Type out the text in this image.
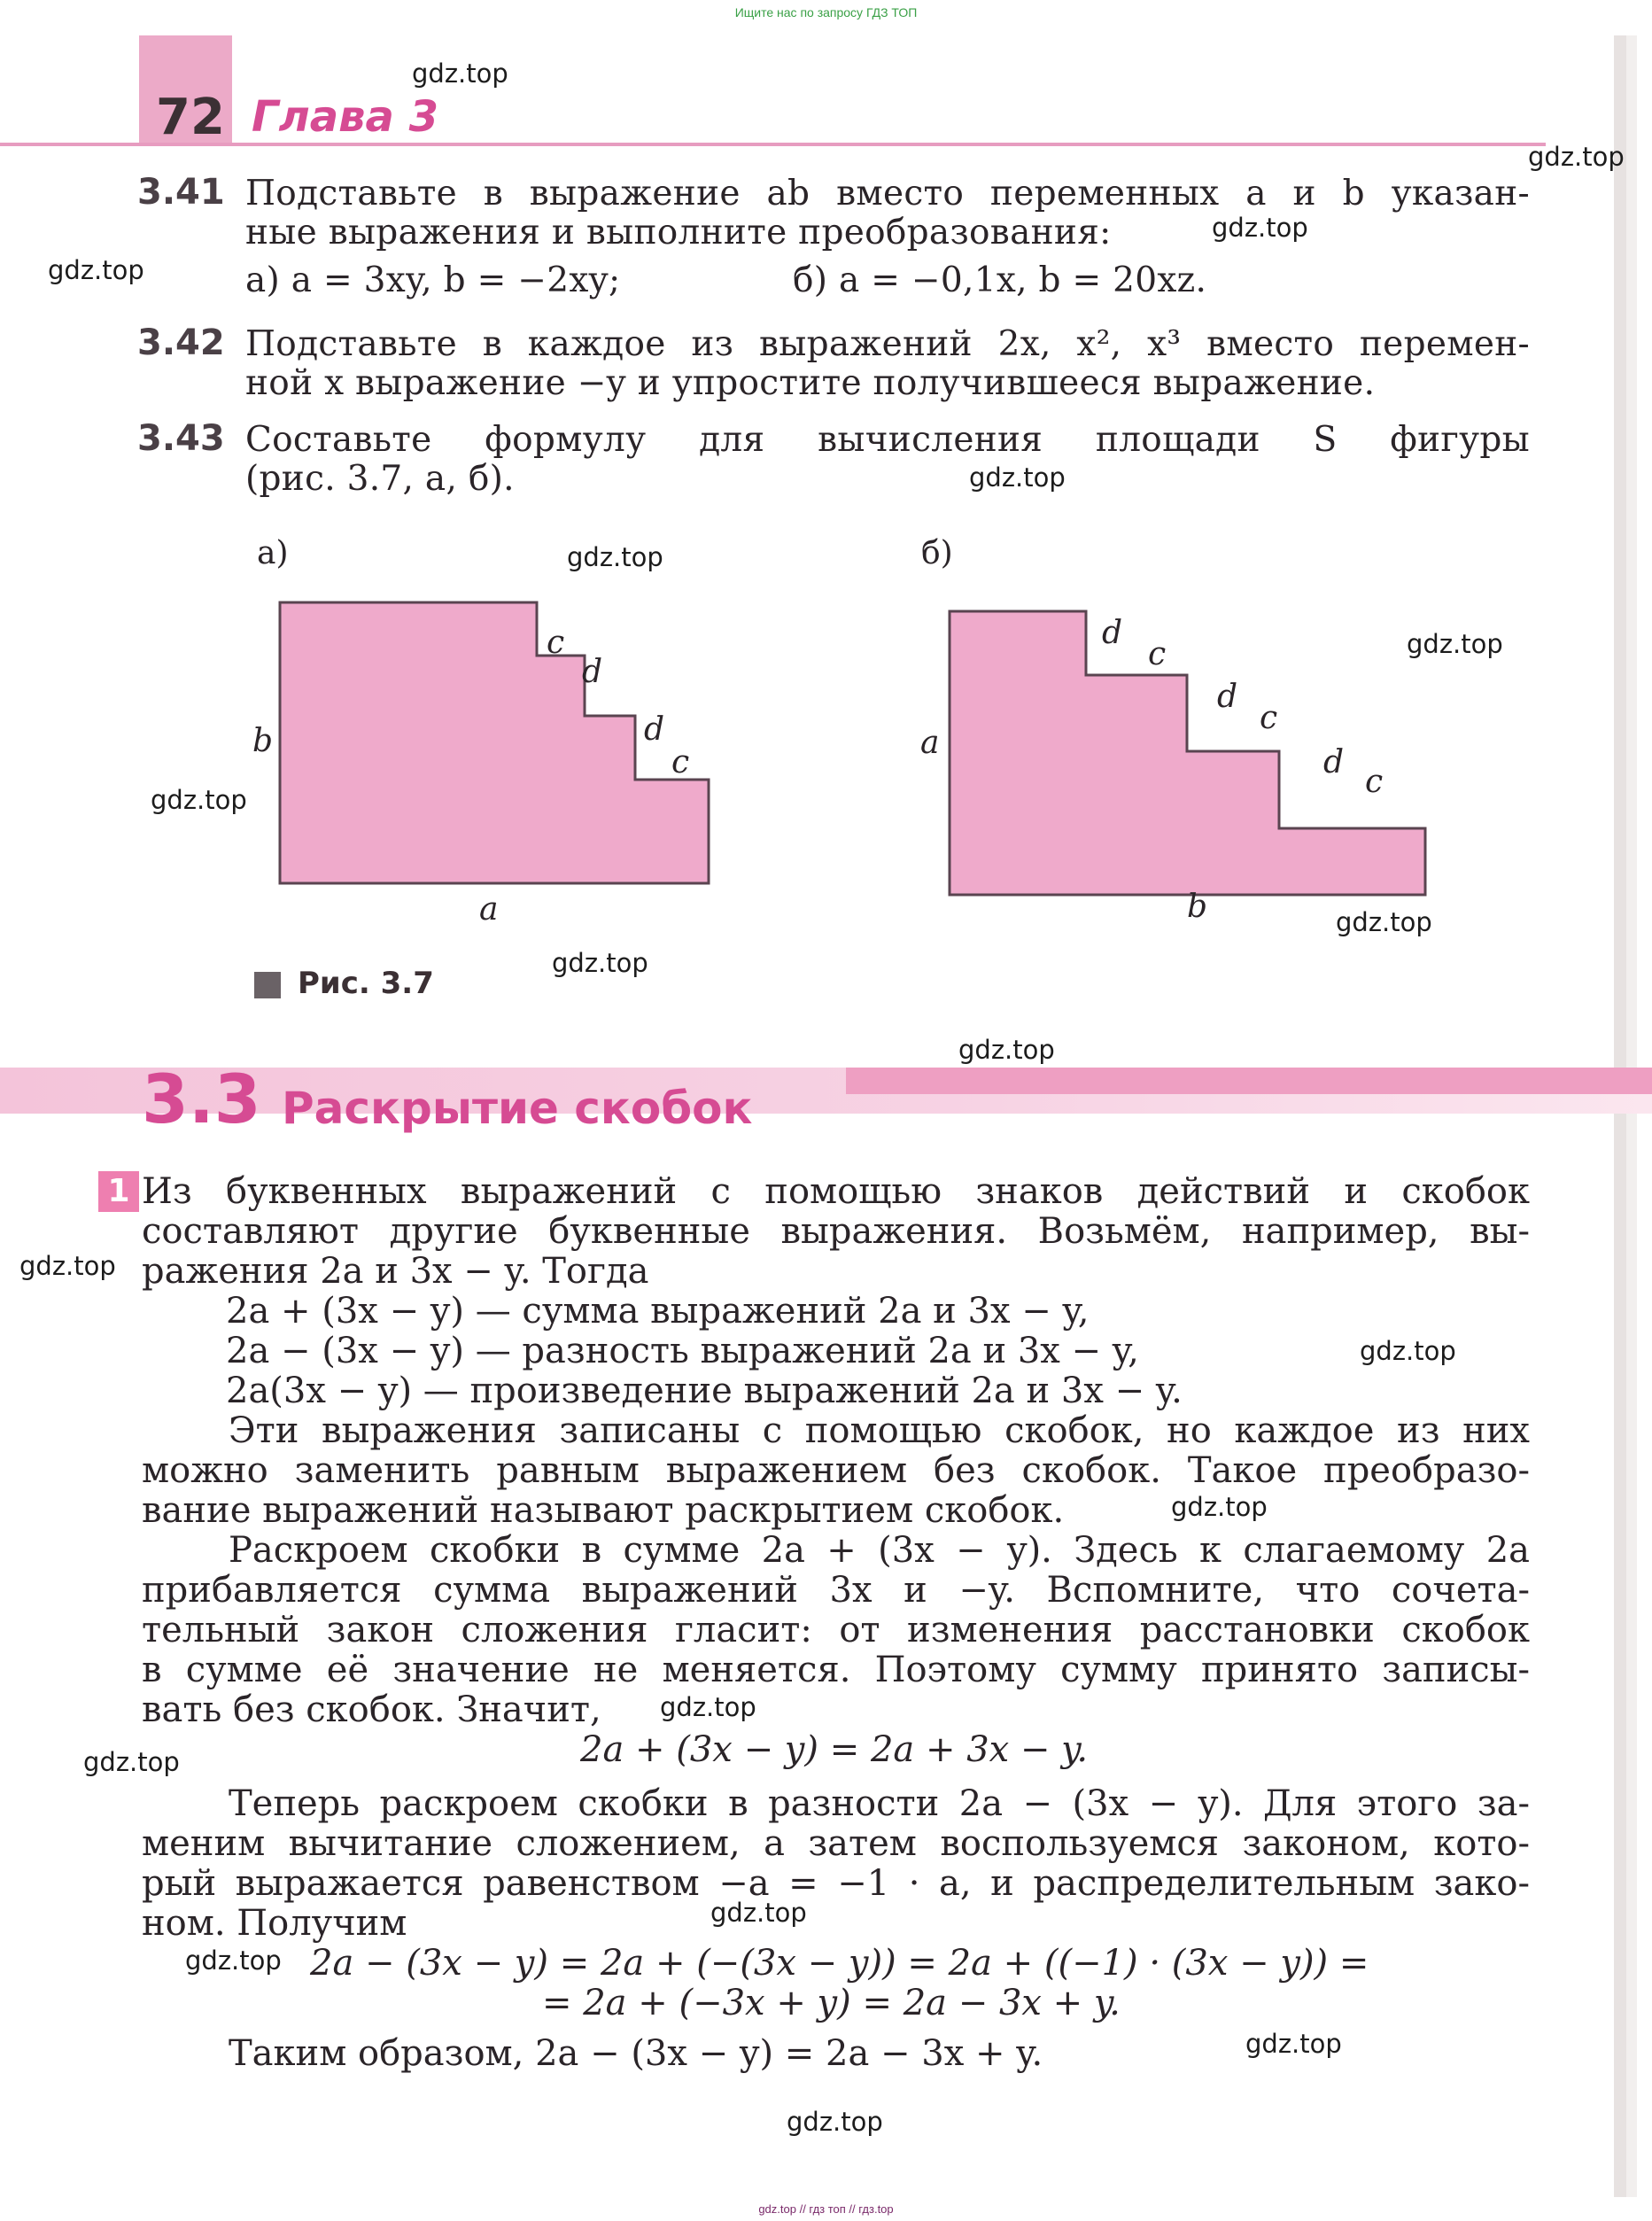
Ищите нас по запросу ГДЗ ТОП
gdz.top // гдз топ // гдз.top
72 Глава 3
3.41 Подставьте в выражение ab вместо переменных a и b указан-
ные выражения и выполните преобразования:
а) a = 3xy, b = −2xy;	б) a = −0,1x, b = 20xz.
3.42 Подставьте в каждое из выражений 2x, x², x³ вместо перемен-
ной x выражение −y и упростите получившееся выражение.
3.43 Составьте формулу для вычисления площади S фигуры
(рис. 3.7, а, б).
а)	б)
c
d
b	d
c
a
d
c
d
c
a
d
c
b
Рис. 3.7
3.3 Раскрытие скобок
1 Из буквенных выражений с помощью знаков действий и скобок
составляют другие буквенные выражения. Возьмём, например, вы-
ражения 2a и 3x − y. Тогда
2a + (3x − y) — сумма выражений 2a и 3x − y,
2a − (3x − y) — разность выражений 2a и 3x − y,
2a(3x − y) — произведение выражений 2a и 3x − y.
Эти выражения записаны с помощью скобок, но каждое из них
можно заменить равным выражением без скобок. Такое преобразо-
вание выражений называют раскрытием скобок.
Раскроем скобки в сумме 2a + (3x − y). Здесь к слагаемому 2a
прибавляется сумма выражений 3x и −y. Вспомните, что сочета-
тельный закон сложения гласит: от изменения расстановки скобок
в сумме её значение не меняется. Поэтому сумму принято записы-
вать без скобок. Значит,
2a + (3x − y) = 2a + 3x − y.
Теперь раскроем скобки в разности 2a − (3x − y). Для этого за-
меним вычитание сложением, а затем воспользуемся законом, кото-
рый выражается равенством −a = −1 · a, и распределительным зако-
ном. Получим
2a − (3x − y) = 2a + (−(3x − y)) = 2a + ((−1) · (3x − y)) =
= 2a + (−3x + y) = 2a − 3x + y.
Таким образом, 2a − (3x − y) = 2a − 3x + y.
gdz.top
gdz.top
gdz.top
gdz.top
gdz.top
gdz.top
gdz.top
gdz.top
gdz.top
gdz.top
gdz.top
gdz.top
gdz.top
gdz.top
gdz.top
gdz.top
gdz.top
gdz.top
gdz.top
gdz.top
